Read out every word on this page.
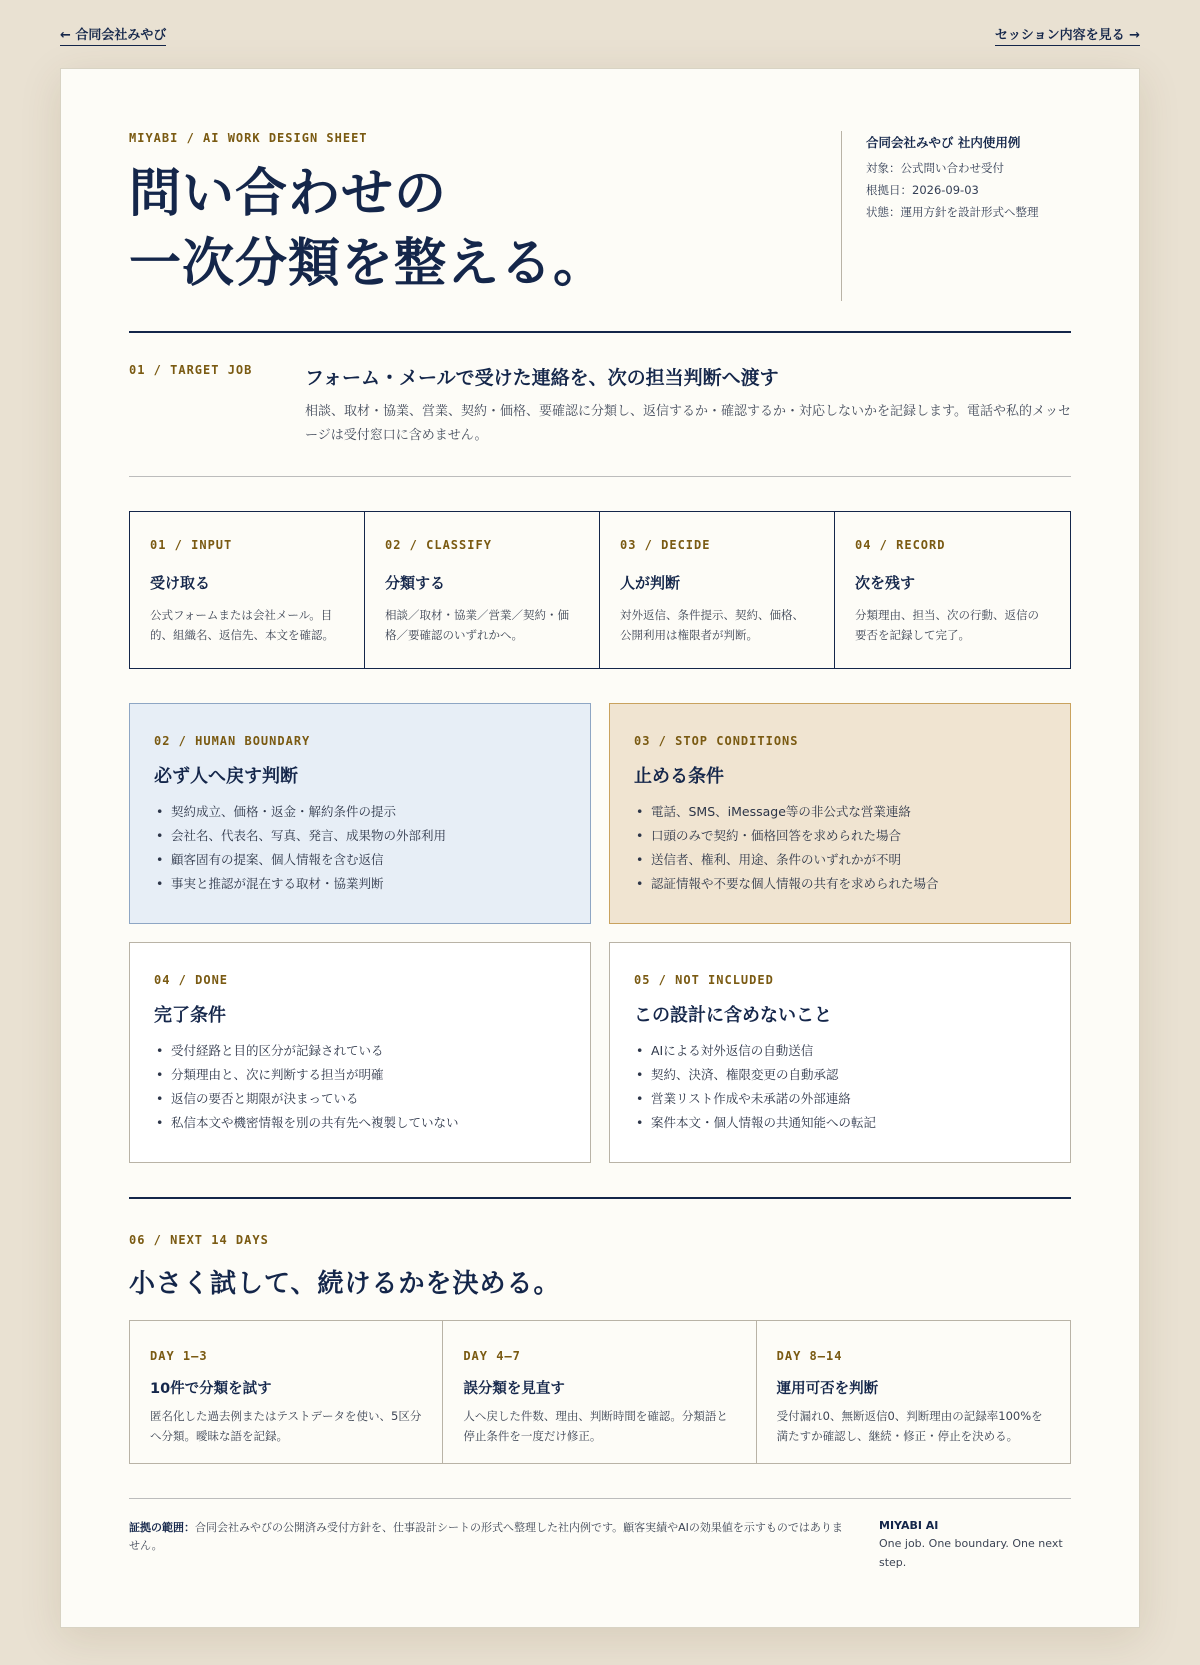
← 合同会社みやび	セッション内容を見る →
MIYABI / AI WORK DESIGN SHEET
問い合わせの
一次分類を整える。
合同会社みやび 社内使用例
対象：公式問い合わせ受付
根拠日：2026-09-03
状態：運用方針を設計形式へ整理
01 / TARGET JOB	フォーム・メールで受けた連絡を、次の担当判断へ渡す

相談、取材・協業、営業、契約・価格、要確認に分類し、返信するか・確認するか・対応しないかを記録します。電話や私的メッセージは受付窓口に含めません。

01 / INPUT
受け取る

公式フォームまたは会社メール。目的、組織名、返信先、本文を確認。

02 / CLASSIFY
分類する

相談／取材・協業／営業／契約・価格／要確認のいずれかへ。

03 / DECIDE
人が判断

対外返信、条件提示、契約、価格、公開利用は権限者が判断。

04 / RECORD
次を残す

分類理由、担当、次の行動、返信の要否を記録して完了。

02 / HUMAN BOUNDARY
必ず人へ戻す判断
• 契約成立、価格・返金・解約条件の提示
• 会社名、代表名、写真、発言、成果物の外部利用
• 顧客固有の提案、個人情報を含む返信
• 事実と推認が混在する取材・協業判断
03 / STOP CONDITIONS
止める条件
• 電話、SMS、iMessage等の非公式な営業連絡
• 口頭のみで契約・価格回答を求められた場合
• 送信者、権利、用途、条件のいずれかが不明
• 認証情報や不要な個人情報の共有を求められた場合
04 / DONE
完了条件
• 受付経路と目的区分が記録されている
• 分類理由と、次に判断する担当が明確
• 返信の要否と期限が決まっている
• 私信本文や機密情報を別の共有先へ複製していない
05 / NOT INCLUDED
この設計に含めないこと
• AIによる対外返信の自動送信
• 契約、決済、権限変更の自動承認
• 営業リスト作成や未承諾の外部連絡
• 案件本文・個人情報の共通知能への転記
06 / NEXT 14 DAYS
小さく試して、続けるかを決める。
DAY 1–3
10件で分類を試す

匿名化した過去例またはテストデータを使い、5区分へ分類。曖昧な語を記録。

DAY 4–7
誤分類を見直す

人へ戻した件数、理由、判断時間を確認。分類語と停止条件を一度だけ修正。

DAY 8–14
運用可否を判断

受付漏れ0、無断返信0、判断理由の記録率100%を満たすか確認し、継続・修正・停止を決める。

証拠の範囲：合同会社みやびの公開済み受付方針を、仕事設計シートの形式へ整理した社内例です。顧客実績やAIの効果値を示すものではありません。
MIYABI AI
One job. One boundary. One next step.
